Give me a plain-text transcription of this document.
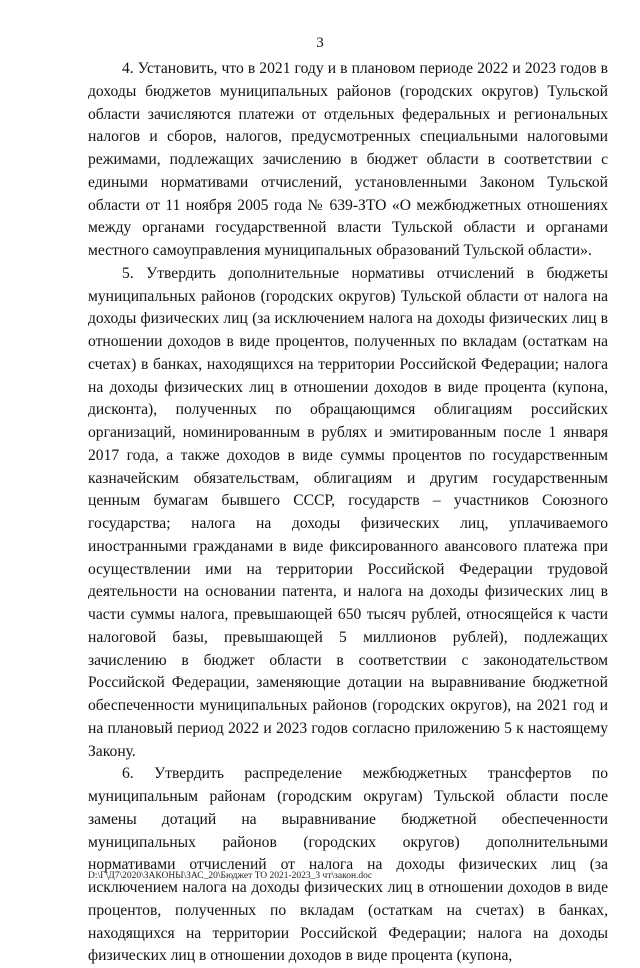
3

4. Установить, что в 2021 году и в плановом периоде 2022 и 2023 годов в доходы бюджетов муниципальных районов (городских округов) Тульской области зачисляются платежи от отдельных федеральных и региональных налогов и сборов, налогов, предусмотренных специальными налоговыми режимами, подлежащих зачислению в бюджет области в соответствии с едиными нормативами отчислений, установленными Законом Тульской области от 11 ноября 2005 года № 639-ЗТО «О межбюджетных отношениях между органами государственной власти Тульской области и органами местного самоуправления муниципальных образований Тульской области».

5. Утвердить дополнительные нормативы отчислений в бюджеты муниципальных районов (городских округов) Тульской области от налога на доходы физических лиц (за исключением налога на доходы физических лиц в отношении доходов в виде процентов, полученных по вкладам (остаткам на счетах) в банках, находящихся на территории Российской Федерации; налога на доходы физических лиц в отношении доходов в виде процента (купона, дисконта), полученных по обращающимся облигациям российских организаций, номинированным в рублях и эмитированным после 1 января 2017 года, а также доходов в виде суммы процентов по государственным казначейским обязательствам, облигациям и другим государственным ценным бумагам бывшего СССР, государств – участников Союзного государства; налога на доходы физических лиц, уплачиваемого иностранными гражданами в виде фиксированного авансового платежа при осуществлении ими на территории Российской Федерации трудовой деятельности на основании патента, и налога на доходы физических лиц в части суммы налога, превышающей 650 тысяч рублей, относящейся к части налоговой базы, превышающей 5 миллионов рублей), подлежащих зачислению в бюджет области в соответствии с законодательством Российской Федерации, заменяющие дотации на выравнивание бюджетной обеспеченности муниципальных районов (городских округов), на 2021 год и на плановый период 2022 и 2023 годов согласно приложению 5 к настоящему Закону.

6. Утвердить распределение межбюджетных трансфертов по муниципальным районам (городским округам) Тульской области после замены дотаций на выравнивание бюджетной обеспеченности муниципальных районов (городских округов) дополнительными нормативами отчислений от налога на доходы физических лиц (за исключением налога на доходы физических лиц в отношении доходов в виде процентов, полученных по вкладам (остаткам на счетах) в банках, находящихся на территории Российской Федерации; налога на доходы физических лиц в отношении доходов в виде процента (купона,

D:\Г\Д7\2020\ЗАКОНЫ\ЗАС_20\Бюджет ТО 2021-2023_3 чт\закон.doc
